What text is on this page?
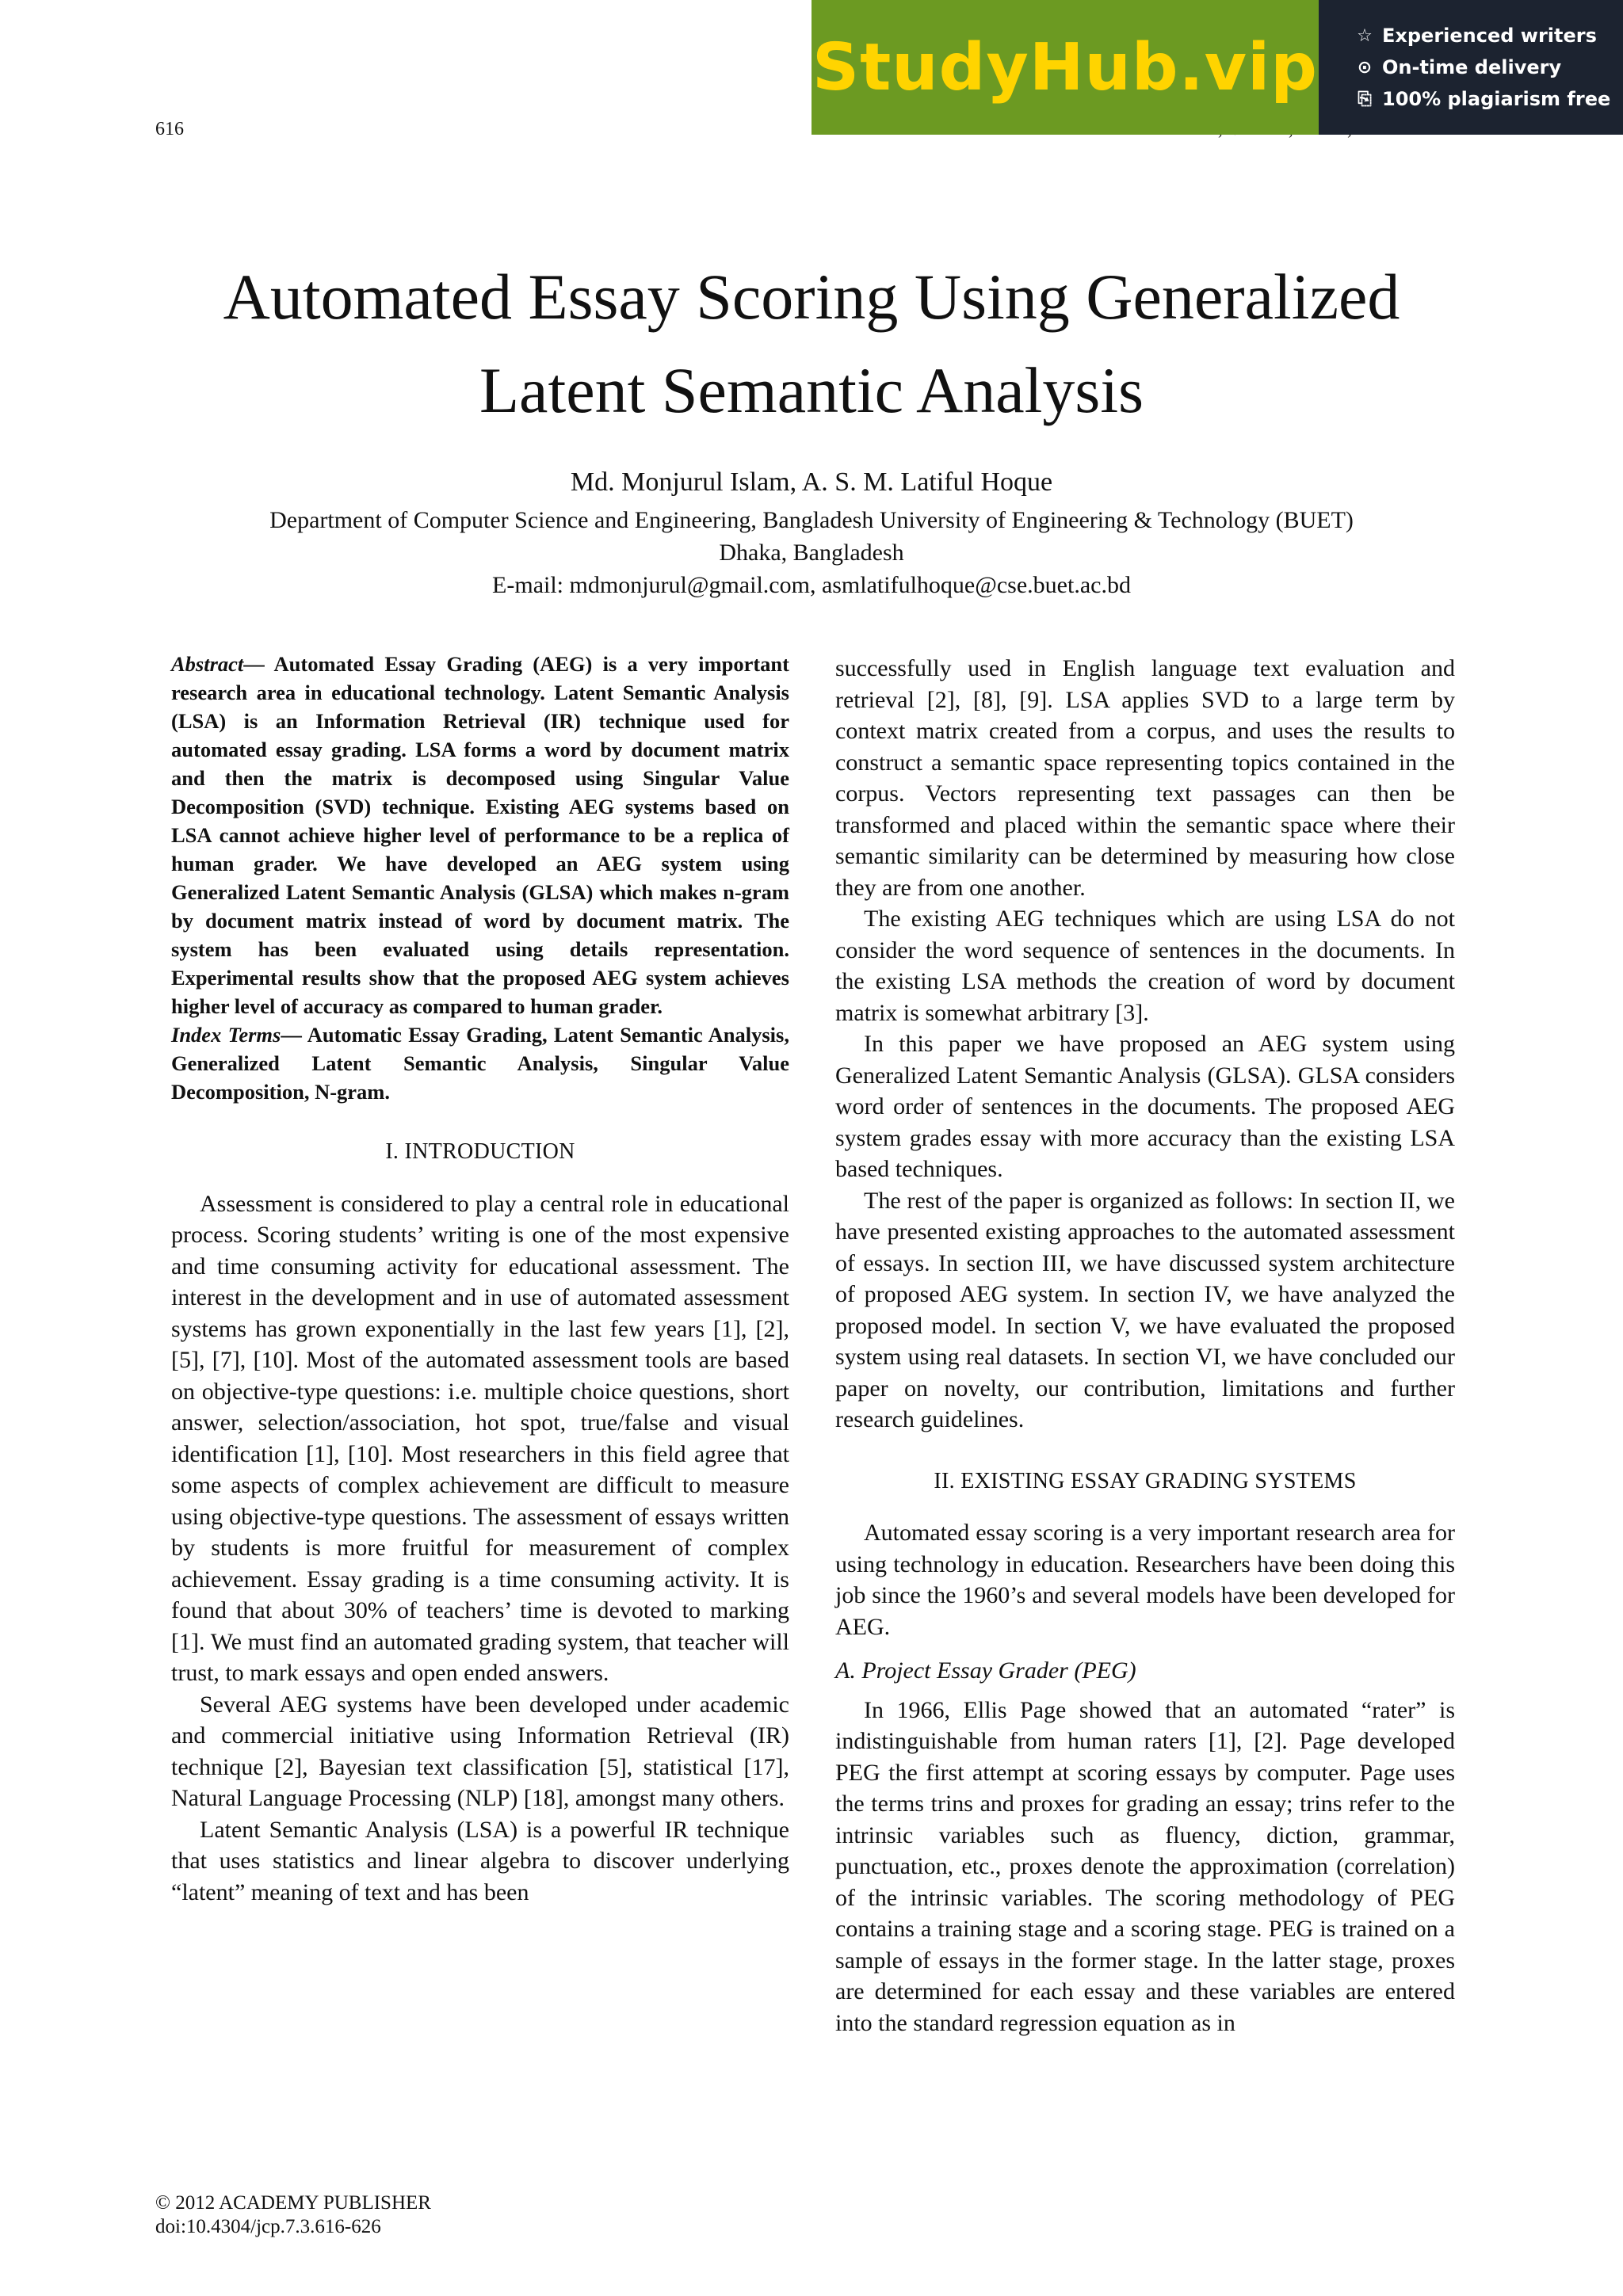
616
StudyHub.vip ☆ Experienced writers
⊙ On-time delivery
⎘ 100% plagiarism free
Automated Essay Scoring Using Generalized
Latent Semantic Analysis
Md. Monjurul Islam, A. S. M. Latiful Hoque
Department of Computer Science and Engineering, Bangladesh University of Engineering & Technology (BUET)
Dhaka, Bangladesh
E-mail: mdmonjurul@gmail.com, asmlatifulhoque@cse.buet.ac.bd

Abstract— Automated Essay Grading (AEG) is a very important research area in educational technology. Latent Semantic Analysis (LSA) is an Information Retrieval (IR) technique used for automated essay grading. LSA forms a word by document matrix and then the matrix is decomposed using Singular Value Decomposition (SVD) technique. Existing AEG systems based on LSA cannot achieve higher level of performance to be a replica of human grader. We have developed an AEG system using Generalized Latent Semantic Analysis (GLSA) which makes n-gram by document matrix instead of word by document matrix. The system has been evaluated using details representation. Experimental results show that the proposed AEG system achieves higher level of accuracy as compared to human grader.

Index Terms— Automatic Essay Grading, Latent Semantic Analysis, Generalized Latent Semantic Analysis, Singular Value Decomposition, N-gram.

I. INTRODUCTION

Assessment is considered to play a central role in educational process. Scoring students’ writing is one of the most expensive and time consuming activity for educational assessment. The interest in the development and in use of automated assessment systems has grown exponentially in the last few years [1], [2], [5], [7], [10]. Most of the automated assessment tools are based on objective-type questions: i.e. multiple choice questions, short answer, selection/association, hot spot, true/false and visual identification [1], [10]. Most researchers in this field agree that some aspects of complex achievement are difficult to measure using objective-type questions. The assessment of essays written by students is more fruitful for measurement of complex achievement. Essay grading is a time consuming activity. It is found that about 30% of teachers’ time is devoted to marking [1]. We must find an automated grading system, that teacher will trust, to mark essays and open ended answers.

Several AEG systems have been developed under academic and commercial initiative using Information Retrieval (IR) technique [2], Bayesian text classification [5], statistical [17], Natural Language Processing (NLP) [18], amongst many others.

Latent Semantic Analysis (LSA) is a powerful IR technique that uses statistics and linear algebra to discover underlying “latent” meaning of text and has been

successfully used in English language text evaluation and retrieval [2], [8], [9]. LSA applies SVD to a large term by context matrix created from a corpus, and uses the results to construct a semantic space representing topics contained in the corpus. Vectors representing text passages can then be transformed and placed within the semantic space where their semantic similarity can be determined by measuring how close they are from one another.

The existing AEG techniques which are using LSA do not consider the word sequence of sentences in the documents. In the existing LSA methods the creation of word by document matrix is somewhat arbitrary [3].

In this paper we have proposed an AEG system using Generalized Latent Semantic Analysis (GLSA). GLSA considers word order of sentences in the documents. The proposed AEG system grades essay with more accuracy than the existing LSA based techniques.

The rest of the paper is organized as follows: In section II, we have presented existing approaches to the automated assessment of essays. In section III, we have discussed system architecture of proposed AEG system. In section IV, we have analyzed the proposed model. In section V, we have evaluated the proposed system using real datasets. In section VI, we have concluded our paper on novelty, our contribution, limitations and further research guidelines.

II. EXISTING ESSAY GRADING SYSTEMS

Automated essay scoring is a very important research area for using technology in education. Researchers have been doing this job since the 1960’s and several models have been developed for AEG.

A. Project Essay Grader (PEG)

In 1966, Ellis Page showed that an automated “rater” is indistinguishable from human raters [1], [2]. Page developed PEG the first attempt at scoring essays by computer. Page uses the terms trins and proxes for grading an essay; trins refer to the intrinsic variables such as fluency, diction, grammar, punctuation, etc., proxes denote the approximation (correlation) of the intrinsic variables. The scoring methodology of PEG contains a training stage and a scoring stage. PEG is trained on a sample of essays in the former stage. In the latter stage, proxes are determined for each essay and these variables are entered into the standard regression equation as in

© 2012 ACADEMY PUBLISHER
doi:10.4304/jcp.7.3.616-626
